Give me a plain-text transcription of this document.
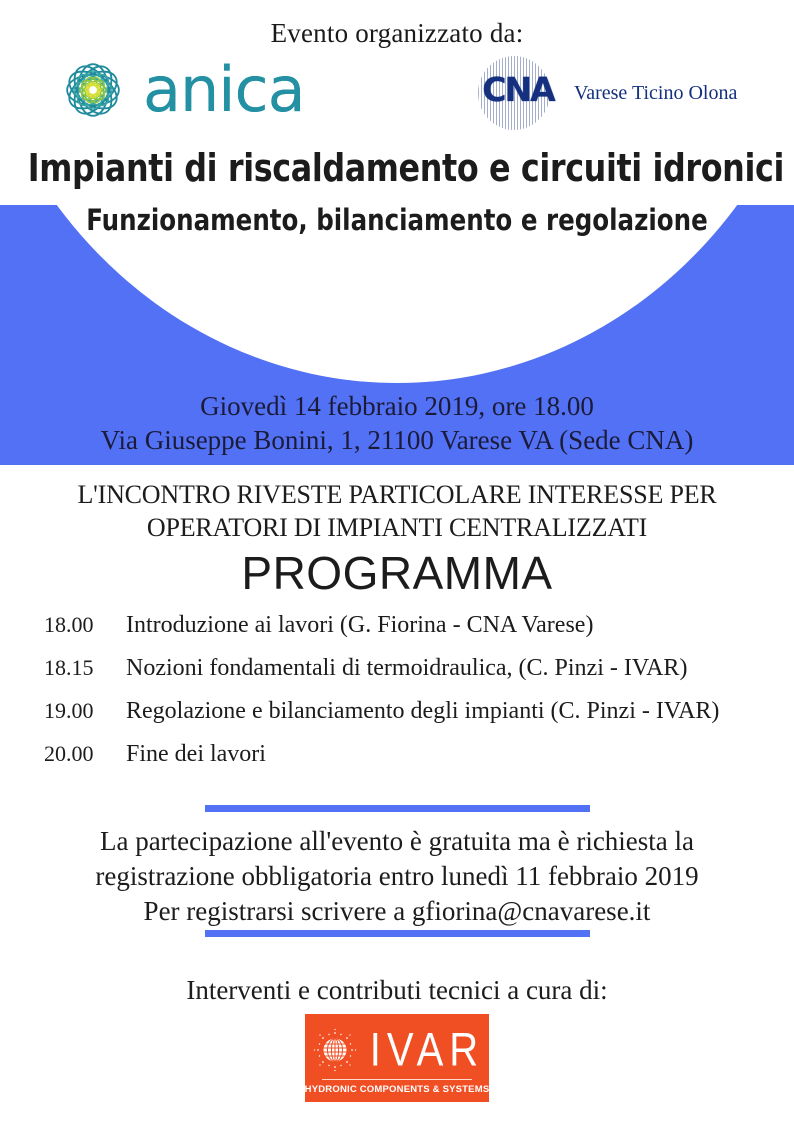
Evento organizzato da:
anica	CNA	Varese Ticino Olona
Impianti di riscaldamento e circuiti idronici
Funzionamento, bilanciamento e regolazione
Giovedì 14 febbraio 2019, ore 18.00
Via Giuseppe Bonini, 1, 21100 Varese VA (Sede CNA)
L'INCONTRO RIVESTE PARTICOLARE INTERESSE PER
OPERATORI DI IMPIANTI CENTRALIZZATI
PROGRAMMA
18.00	Introduzione ai lavori (G. Fiorina - CNA Varese)
18.15	Nozioni fondamentali di termoidraulica, (C. Pinzi - IVAR)
19.00	Regolazione e bilanciamento degli impianti (C. Pinzi - IVAR)
20.00	Fine dei lavori
La partecipazione all'evento è gratuita ma è richiesta la
registrazione obbligatoria entro lunedì 11 febbraio 2019
Per registrarsi scrivere a gfiorina@cnavarese.it
Interventi e contributi tecnici a cura di:
IVAR
HYDRONIC COMPONENTS & SYSTEMS
